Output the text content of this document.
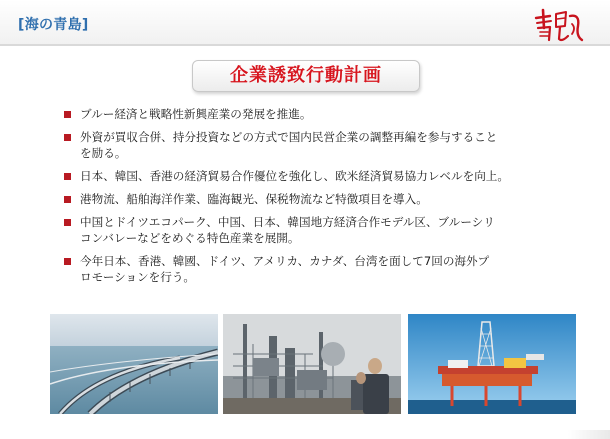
[海の青島]
企業誘致行動計画
ブルー経済と戦略性新興産業の発展を推進。
外資が買収合併、持分投資などの方式で国内民営企業の調整再編を参与すること
を励る。
日本、韓国、香港の経済貿易合作優位を強化し、欧米経済貿易協力レベルを向上。
港物流、船舶海洋作業、臨海観光、保税物流など特徴項目を導入。
中国とドイツエコパーク、中国、日本、韓国地方経済合作モデル区、ブルーシリ
コンバレーなどをめぐる特色産業を展開。
今年日本、香港、韓國、ドイツ、アメリカ、カナダ、台湾を面して7回の海外プ
ロモーションを行う。
